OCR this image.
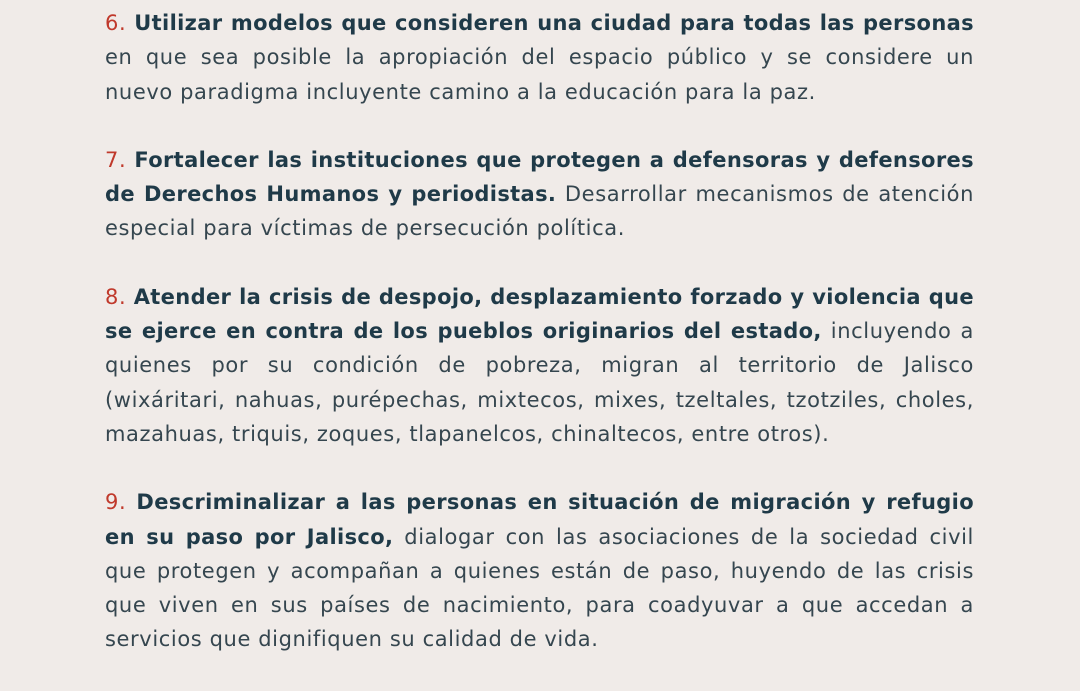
6. Utilizar modelos que consideren una ciudad para todas las personas en que sea posible la apropiación del espacio público y se considere un nuevo paradigma incluyente camino a la educación para la paz.

7. Fortalecer las instituciones que protegen a defensoras y defensores de Derechos Humanos y periodistas. Desarrollar mecanismos de atención especial para víctimas de persecución política.

8. Atender la crisis de despojo, desplazamiento forzado y violencia que se ejerce en contra de los pueblos originarios del estado, incluyendo a quienes por su condición de pobreza, migran al territorio de Jalisco (wixáritari, nahuas, purépechas, mixtecos, mixes, tzeltales, tzotziles, choles, mazahuas, triquis, zoques, tlapanelcos, chinaltecos, entre otros).

9. Descriminalizar a las personas en situación de migración y refugio en su paso por Jalisco, dialogar con las asociaciones de la sociedad civil que protegen y acompañan a quienes están de paso, huyendo de las crisis que viven en sus países de nacimiento, para coadyuvar a que accedan a servicios que dignifiquen su calidad de vida.
